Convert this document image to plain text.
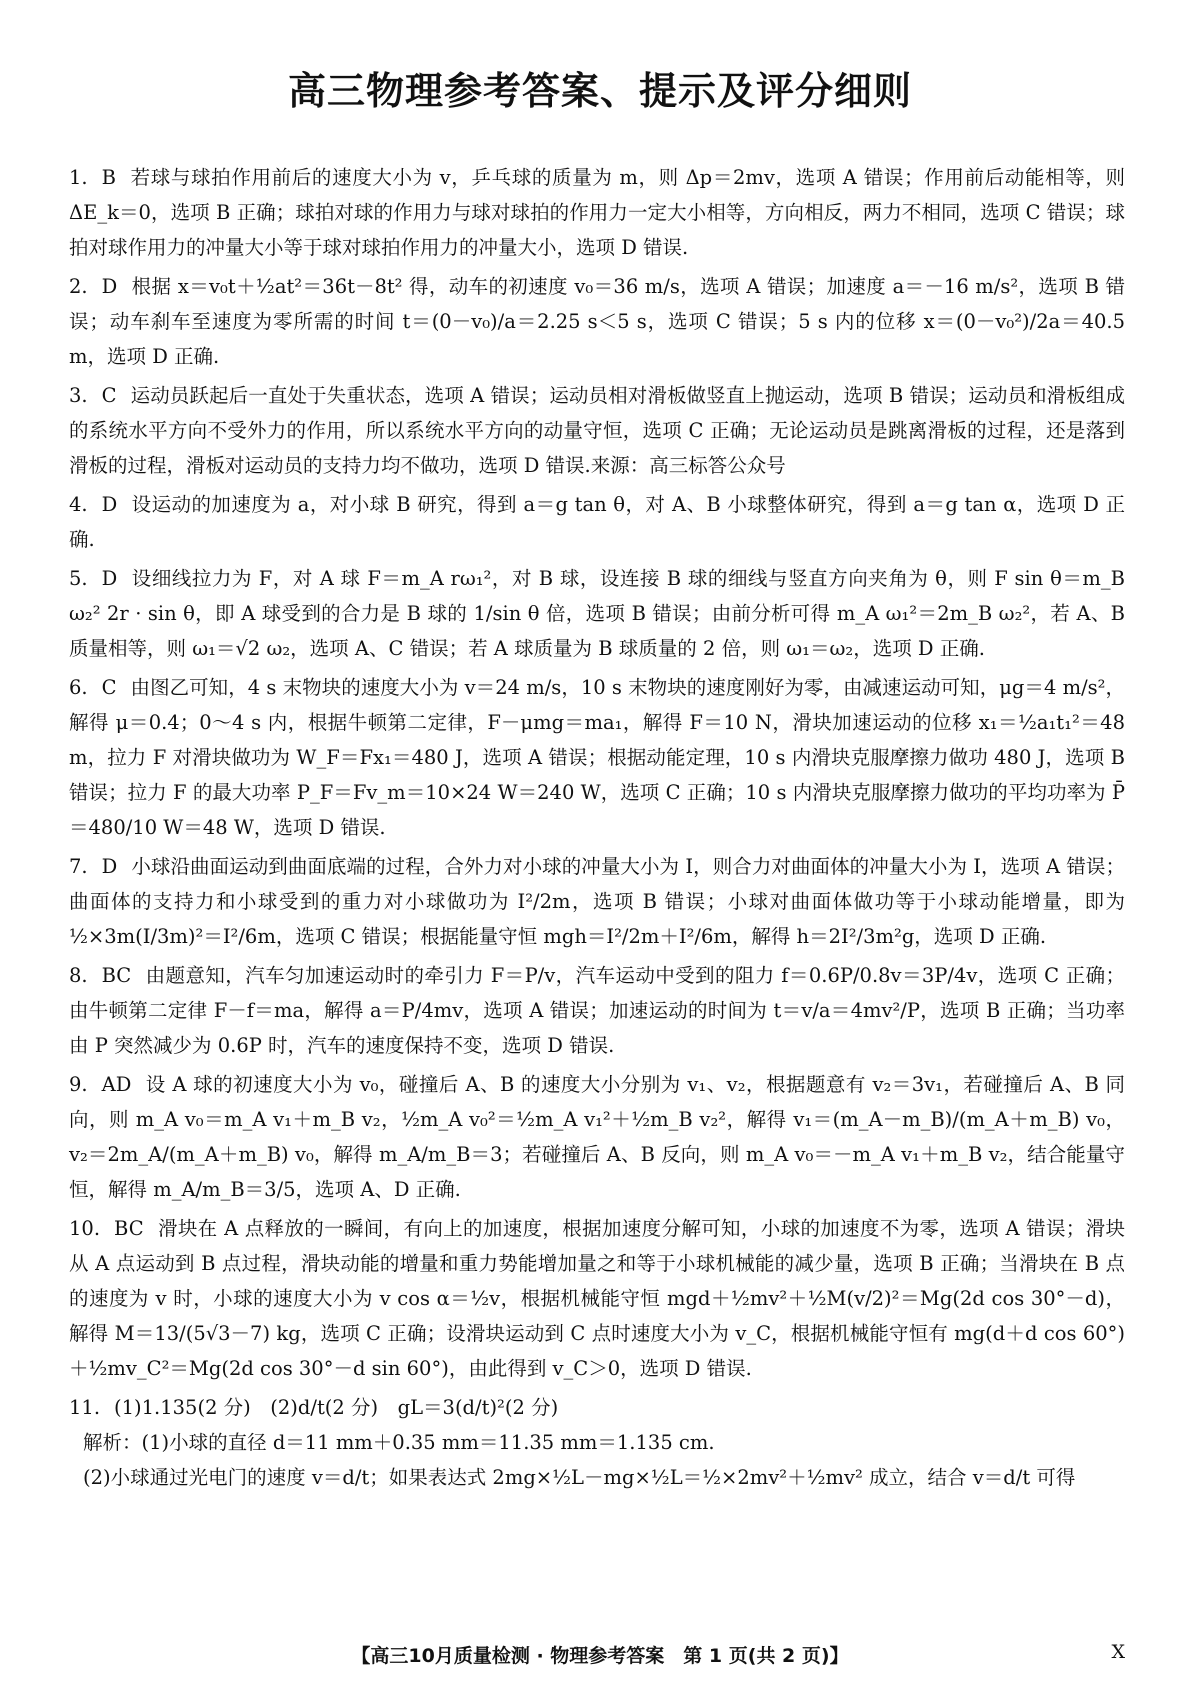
高三物理参考答案、提示及评分细则
1. B 若球与球拍作用前后的速度大小为 v，乒乓球的质量为 m，则 Δp＝2mv，选项 A 错误；作用前后动能相等，则 ΔE_k＝0，选项 B 正确；球拍对球的作用力与球对球拍的作用力一定大小相等，方向相反，两力不相同，选项 C 错误；球拍对球作用力的冲量大小等于球对球拍作用力的冲量大小，选项 D 错误.
2. D 根据 x＝v₀t＋½at²＝36t－8t² 得，动车的初速度 v₀＝36 m/s，选项 A 错误；加速度 a＝－16 m/s²，选项 B 错误；动车刹车至速度为零所需的时间 t＝(0－v₀)/a＝2.25 s＜5 s，选项 C 错误；5 s 内的位移 x＝(0－v₀²)/2a＝40.5 m，选项 D 正确.
3. C 运动员跃起后一直处于失重状态，选项 A 错误；运动员相对滑板做竖直上抛运动，选项 B 错误；运动员和滑板组成的系统水平方向不受外力的作用，所以系统水平方向的动量守恒，选项 C 正确；无论运动员是跳离滑板的过程，还是落到滑板的过程，滑板对运动员的支持力均不做功，选项 D 错误.来源：高三标答公众号
4. D 设运动的加速度为 a，对小球 B 研究，得到 a＝g tan θ，对 A、B 小球整体研究，得到 a＝g tan α，选项 D 正确.
5. D 设细线拉力为 F，对 A 球 F＝m_A rω₁²，对 B 球，设连接 B 球的细线与竖直方向夹角为 θ，则 F sin θ＝m_B ω₂² 2r · sin θ，即 A 球受到的合力是 B 球的 1/sin θ 倍，选项 B 错误；由前分析可得 m_A ω₁²＝2m_B ω₂²，若 A、B 质量相等，则 ω₁＝√2 ω₂，选项 A、C 错误；若 A 球质量为 B 球质量的 2 倍，则 ω₁＝ω₂，选项 D 正确.
6. C 由图乙可知，4 s 末物块的速度大小为 v＝24 m/s，10 s 末物块的速度刚好为零，由减速运动可知，μg＝4 m/s²，解得 μ＝0.4；0～4 s 内，根据牛顿第二定律，F－μmg＝ma₁，解得 F＝10 N，滑块加速运动的位移 x₁＝½a₁t₁²＝48 m，拉力 F 对滑块做功为 W_F＝Fx₁＝480 J，选项 A 错误；根据动能定理，10 s 内滑块克服摩擦力做功 480 J，选项 B 错误；拉力 F 的最大功率 P_F＝Fv_m＝10×24 W＝240 W，选项 C 正确；10 s 内滑块克服摩擦力做功的平均功率为 P̄＝480/10 W＝48 W，选项 D 错误.
7. D 小球沿曲面运动到曲面底端的过程，合外力对小球的冲量大小为 I，则合力对曲面体的冲量大小为 I，选项 A 错误；曲面体的支持力和小球受到的重力对小球做功为 I²/2m，选项 B 错误；小球对曲面体做功等于小球动能增量，即为 ½×3m(I/3m)²＝I²/6m，选项 C 错误；根据能量守恒 mgh＝I²/2m＋I²/6m，解得 h＝2I²/3m²g，选项 D 正确.
8. BC 由题意知，汽车匀加速运动时的牵引力 F＝P/v，汽车运动中受到的阻力 f＝0.6P/0.8v＝3P/4v，选项 C 正确；由牛顿第二定律 F－f＝ma，解得 a＝P/4mv，选项 A 错误；加速运动的时间为 t＝v/a＝4mv²/P，选项 B 正确；当功率由 P 突然减少为 0.6P 时，汽车的速度保持不变，选项 D 错误.
9. AD 设 A 球的初速度大小为 v₀，碰撞后 A、B 的速度大小分别为 v₁、v₂，根据题意有 v₂＝3v₁，若碰撞后 A、B 同向，则 m_A v₀＝m_A v₁＋m_B v₂，½m_A v₀²＝½m_A v₁²＋½m_B v₂²，解得 v₁＝(m_A－m_B)/(m_A＋m_B) v₀，v₂＝2m_A/(m_A＋m_B) v₀，解得 m_A/m_B＝3；若碰撞后 A、B 反向，则 m_A v₀＝－m_A v₁＋m_B v₂，结合能量守恒，解得 m_A/m_B＝3/5，选项 A、D 正确.
10. BC 滑块在 A 点释放的一瞬间，有向上的加速度，根据加速度分解可知，小球的加速度不为零，选项 A 错误；滑块从 A 点运动到 B 点过程，滑块动能的增量和重力势能增加量之和等于小球机械能的减少量，选项 B 正确；当滑块在 B 点的速度为 v 时，小球的速度大小为 v cos α＝½v，根据机械能守恒 mgd＋½mv²＋½M(v/2)²＝Mg(2d cos 30°－d)，解得 M＝13/(5√3－7) kg，选项 C 正确；设滑块运动到 C 点时速度大小为 v_C，根据机械能守恒有 mg(d＋d cos 60°)＋½mv_C²＝Mg(2d cos 30°－d sin 60°)，由此得到 v_C＞0，选项 D 错误.

11. (1)1.135(2 分)　(2)d/t(2 分)　gL＝3(d/t)²(2 分)

解析：(1)小球的直径 d＝11 mm＋0.35 mm＝11.35 mm＝1.135 cm.

(2)小球通过光电门的速度 v＝d/t；如果表达式 2mg×½L－mg×½L＝½×2mv²＋½mv² 成立，结合 v＝d/t 可得

【高三10月质量检测 · 物理参考答案　第 1 页(共 2 页)】	X
